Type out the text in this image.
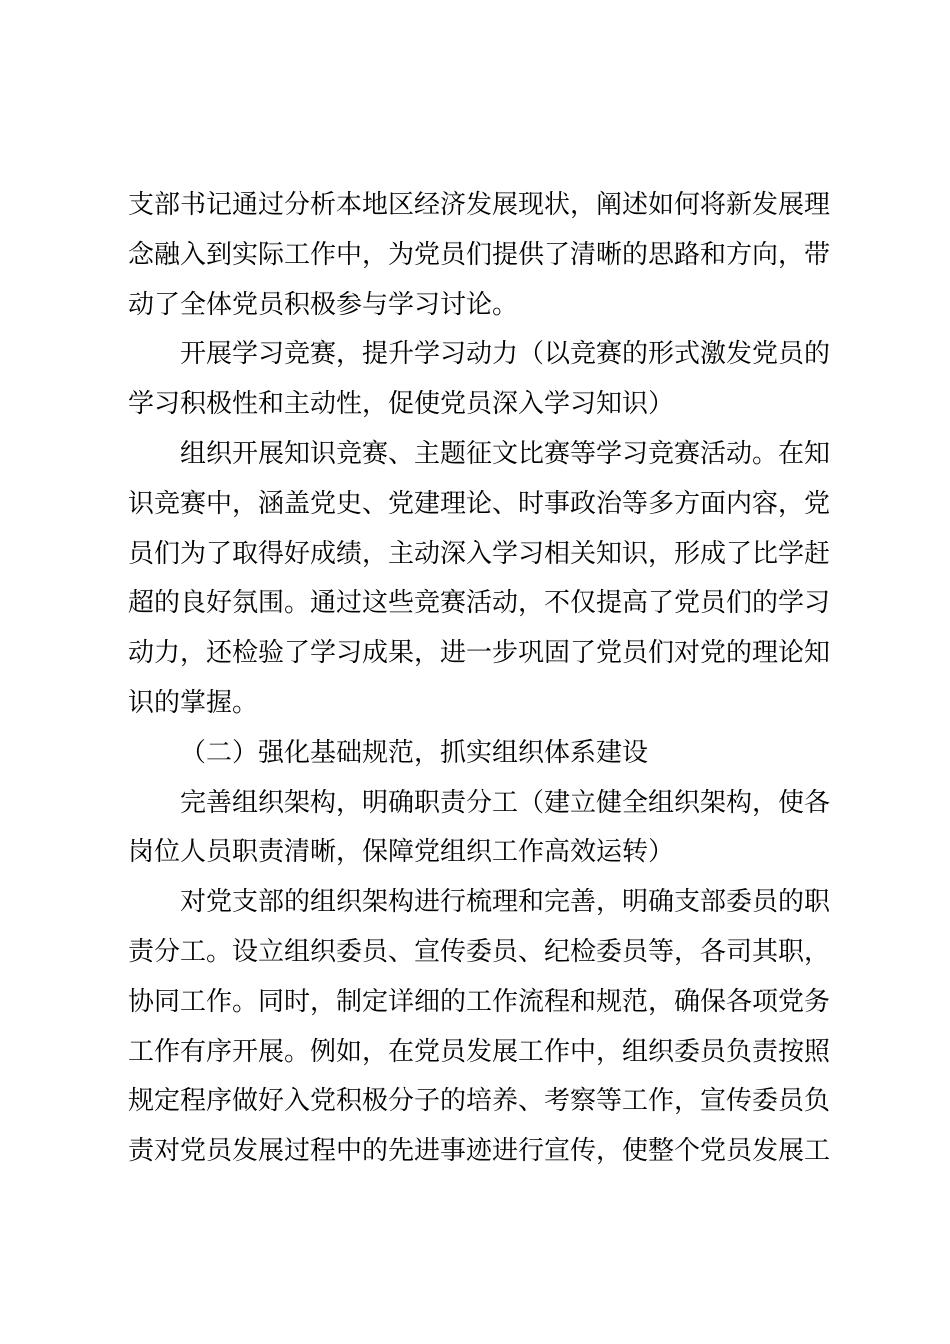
支部书记通过分析本地区经济发展现状，阐述如何将新发展理
念融入到实际工作中，为党员们提供了清晰的思路和方向，带
动了全体党员积极参与学习讨论。
开展学习竞赛，提升学习动力（以竞赛的形式激发党员的
学习积极性和主动性，促使党员深入学习知识）
组织开展知识竞赛、主题征文比赛等学习竞赛活动。在知
识竞赛中，涵盖党史、党建理论、时事政治等多方面内容，党
员们为了取得好成绩，主动深入学习相关知识，形成了比学赶
超的良好氛围。通过这些竞赛活动，不仅提高了党员们的学习
动力，还检验了学习成果，进一步巩固了党员们对党的理论知
识的掌握。
（二）强化基础规范，抓实组织体系建设
完善组织架构，明确职责分工（建立健全组织架构，使各
岗位人员职责清晰，保障党组织工作高效运转）
对党支部的组织架构进行梳理和完善，明确支部委员的职
责分工。设立组织委员、宣传委员、纪检委员等，各司其职，
协同工作。同时，制定详细的工作流程和规范，确保各项党务
工作有序开展。例如，在党员发展工作中，组织委员负责按照
规定程序做好入党积极分子的培养、考察等工作，宣传委员负
责对党员发展过程中的先进事迹进行宣传，使整个党员发展工
